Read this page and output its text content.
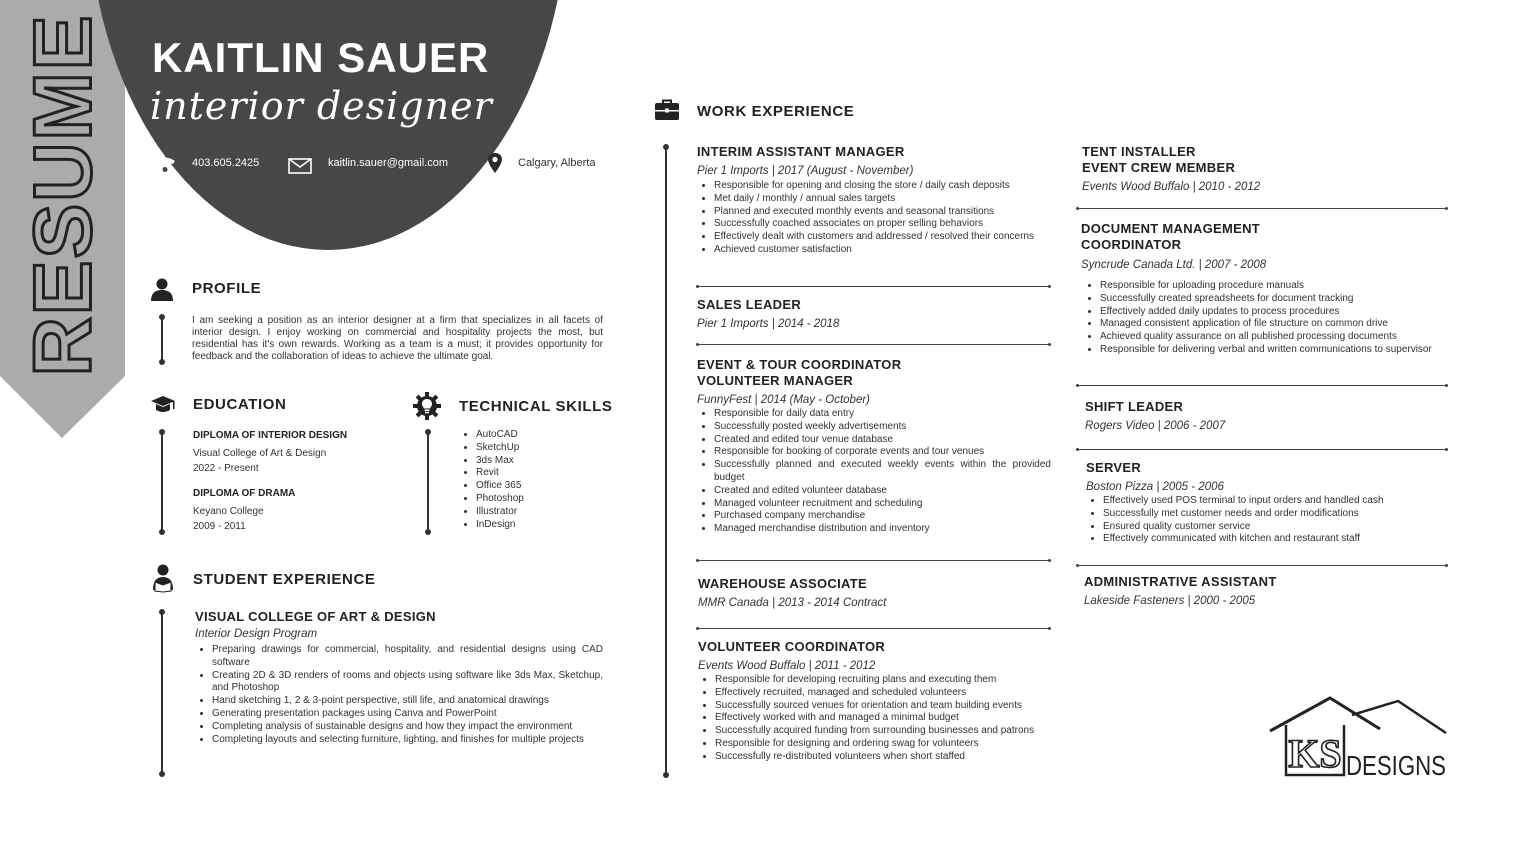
RESUME KAITLIN SAUER
interior designer
403.605.2425	kaitlin.sauer@gmail.com	Calgary, Alberta
PROFILE
I am seeking a position as an interior designer at a firm that specializes in all facets of interior design. I enjoy working on commercial and hospitality projects the most, but residential has it's own rewards. Working as a team is a must; it provides opportunity for feedback and the collaboration of ideas to achieve the ultimate goal.
EDUCATION
DIPLOMA OF INTERIOR DESIGN
Visual College of Art & Design
2022 - Present
DIPLOMA OF DRAMA
Keyano College
2009 - 2011
TECHNICAL SKILLS
• AutoCAD
• SketchUp
• 3ds Max
• Revit
• Office 365
• Photoshop
• Illustrator
• InDesign
STUDENT EXPERIENCE
VISUAL COLLEGE OF ART & DESIGN
Interior Design Program
• Preparing drawings for commercial, hospitality, and residential designs using CAD software
• Creating 2D & 3D renders of rooms and objects using software like 3ds Max, Sketchup, and Photoshop
• Hand sketching 1, 2 & 3-point perspective, still life, and anatomical drawings
• Generating presentation packages using Canva and PowerPoint
• Completing analysis of sustainable designs and how they impact the environment
• Completing layouts and selecting furniture, lighting, and finishes for multiple projects
WORK EXPERIENCE
INTERIM ASSISTANT MANAGER
Pier 1 Imports | 2017 (August - November)
• Responsible for opening and closing the store / daily cash deposits
• Met daily / monthly / annual sales targets
• Planned and executed monthly events and seasonal transitions
• Successfully coached associates on proper selling behaviors
• Effectively dealt with customers and addressed / resolved their concerns
• Achieved customer satisfaction
SALES LEADER
Pier 1 Imports | 2014 - 2018
EVENT & TOUR COORDINATOR
VOLUNTEER MANAGER
FunnyFest | 2014 (May - October)
• Responsible for daily data entry
• Successfully posted weekly advertisements
• Created and edited tour venue database
• Responsible for booking of corporate events and tour venues
• Successfully planned and executed weekly events within the provided budget
• Created and edited volunteer database
• Managed volunteer recruitment and scheduling
• Purchased company merchandise
• Managed merchandise distribution and inventory
WAREHOUSE ASSOCIATE
MMR Canada | 2013 - 2014 Contract
VOLUNTEER COORDINATOR
Events Wood Buffalo | 2011 - 2012
• Responsible for developing recruiting plans and executing them
• Effectively recruited, managed and scheduled volunteers
• Successfully sourced venues for orientation and team building events
• Effectively worked with and managed a minimal budget
• Successfully acquired funding from surrounding businesses and patrons
• Responsible for designing and ordering swag for volunteers
• Successfully re-distributed volunteers when short staffed
TENT INSTALLER
EVENT CREW MEMBER
Events Wood Buffalo | 2010 - 2012
DOCUMENT MANAGEMENT
COORDINATOR
Syncrude Canada Ltd. | 2007 - 2008
• Responsible for uploading procedure manuals
• Successfully created spreadsheets for document tracking
• Effectively added daily updates to process procedures
• Managed consistent application of file structure on common drive
• Achieved quality assurance on all published processing documents
• Responsible for delivering verbal and written communications to supervisor
SHIFT LEADER
Rogers Video | 2006 - 2007
SERVER
Boston Pizza | 2005 - 2006
• Effectively used POS terminal to input orders and handled cash
• Successfully met customer needs and order modifications
• Ensured quality customer service
• Effectively communicated with kitchen and restaurant staff
ADMINISTRATIVE ASSISTANT
Lakeside Fasteners | 2000 - 2005
KS DESIGNS
